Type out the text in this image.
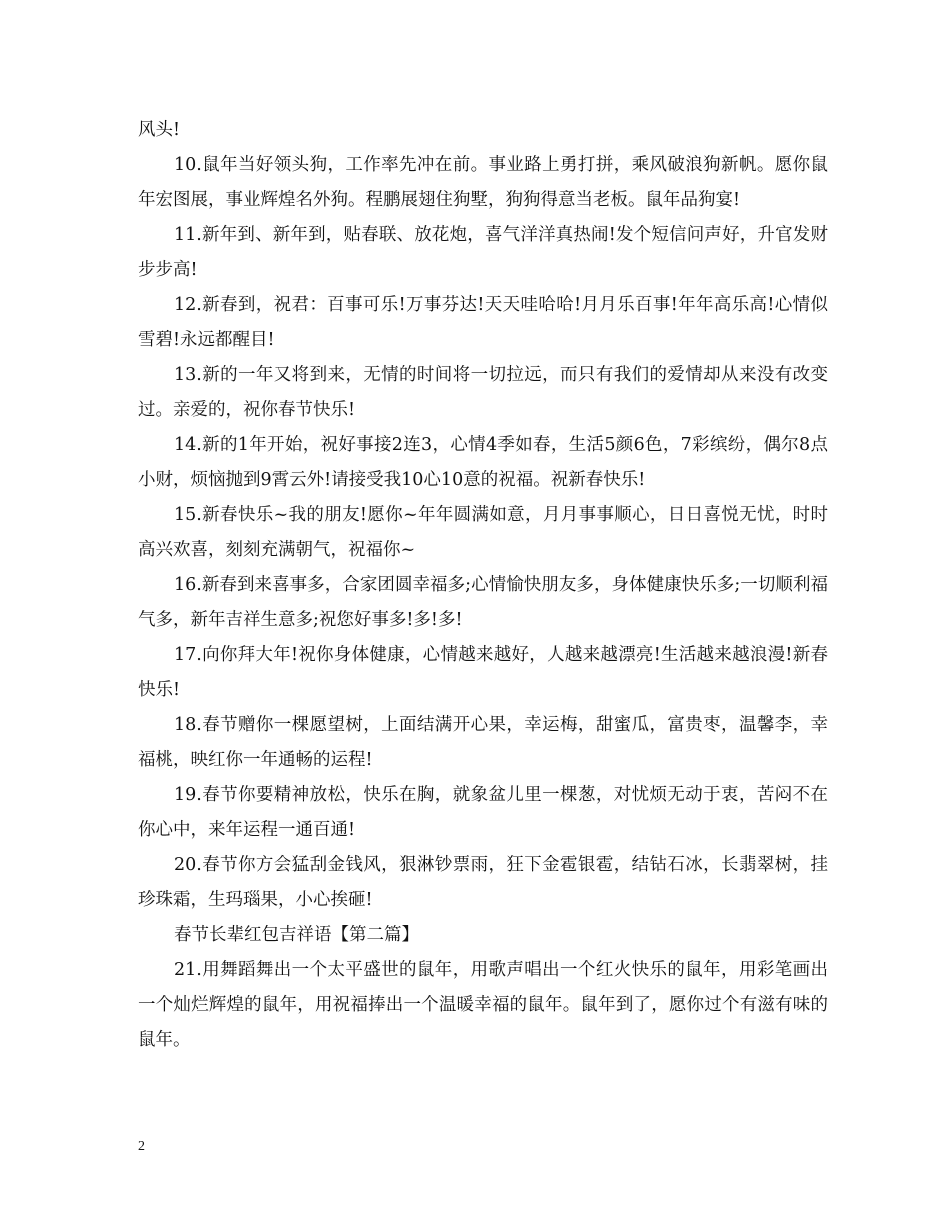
风头!

10.鼠年当好领头狗，工作率先冲在前。事业路上勇打拼，乘风破浪狗新帆。愿你鼠年宏图展，事业辉煌名外狗。程鹏展翅住狗墅，狗狗得意当老板。鼠年品狗宴!

11.新年到、新年到，贴春联、放花炮，喜气洋洋真热闹!发个短信问声好，升官发财步步高!

12.新春到，祝君：百事可乐!万事芬达!天天哇哈哈!月月乐百事!年年高乐高!心情似雪碧!永远都醒目!

13.新的一年又将到来，无情的时间将一切拉远，而只有我们的爱情却从来没有改变过。亲爱的，祝你春节快乐!

14.新的1年开始，祝好事接2连3，心情4季如春，生活5颜6色，7彩缤纷，偶尔8点小财，烦恼抛到9霄云外!请接受我10心10意的祝福。祝新春快乐!

15.新春快乐~我的朋友!愿你~年年圆满如意，月月事事顺心，日日喜悦无忧，时时高兴欢喜，刻刻充满朝气，祝福你~

16.新春到来喜事多，合家团圆幸福多;心情愉快朋友多，身体健康快乐多;一切顺利福气多，新年吉祥生意多;祝您好事多!多!多!

17.向你拜大年!祝你身体健康，心情越来越好，人越来越漂亮!生活越来越浪漫!新春快乐!

18.春节赠你一棵愿望树，上面结满开心果，幸运梅，甜蜜瓜，富贵枣，温馨李，幸福桃，映红你一年通畅的运程!

19.春节你要精神放松，快乐在胸，就象盆儿里一棵葱，对忧烦无动于衷，苦闷不在你心中，来年运程一通百通!

20.春节你方会猛刮金钱风，狠淋钞票雨，狂下金雹银雹，结钻石冰，长翡翠树，挂珍珠霜，生玛瑙果，小心挨砸!

春节长辈红包吉祥语【第二篇】

21.用舞蹈舞出一个太平盛世的鼠年，用歌声唱出一个红火快乐的鼠年，用彩笔画出一个灿烂辉煌的鼠年，用祝福捧出一个温暖幸福的鼠年。鼠年到了，愿你过个有滋有味的鼠年。

2
